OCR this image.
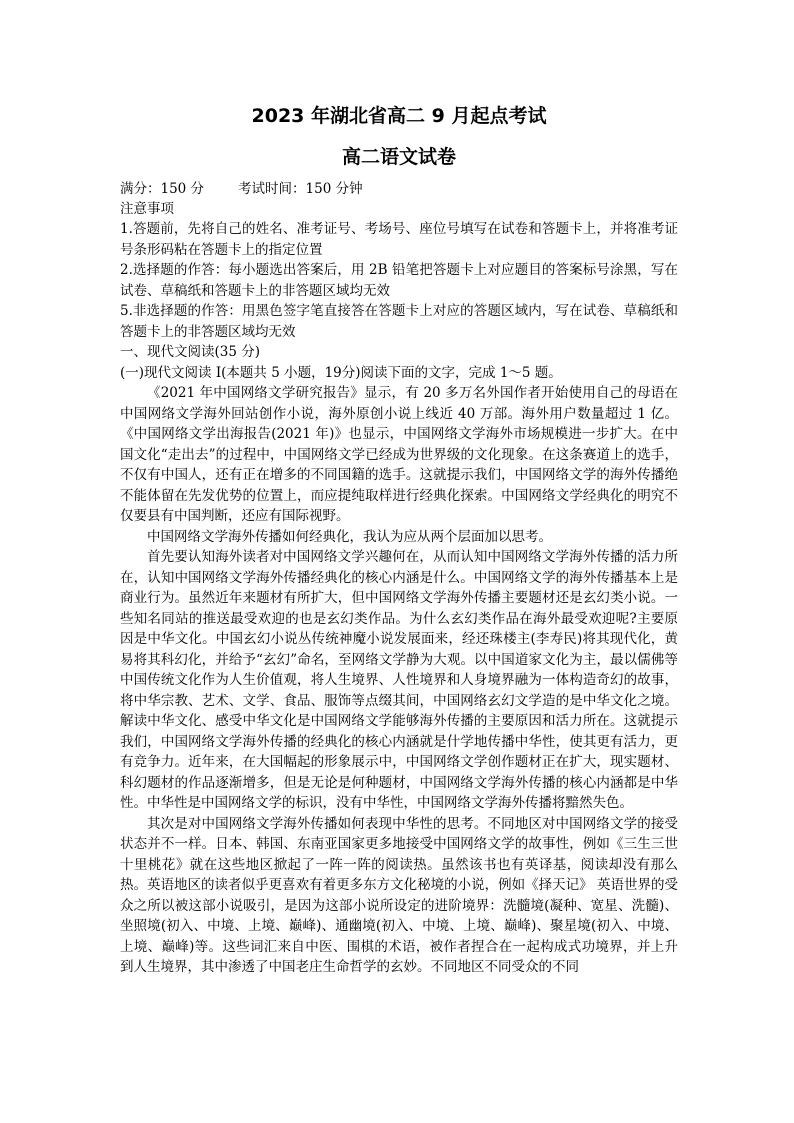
2023 年湖北省高二 9 月起点考试
高二语文试卷
满分：150 分	考试时间：150 分钟
注意事项

1.答题前，先将自己的姓名、准考证号、考场号、座位号填写在试卷和答题卡上，并将准考证号条形码粘在答题卡上的指定位置

2.选择题的作答：每小题选出答案后，用 2B 铅笔把答题卡上对应题目的答案标号涂黑，写在试卷、草稿纸和答题卡上的非答题区域均无效

5.非选择题的作答：用黑色签字笔直接答在答题卡上对应的答题区域内，写在试卷、草稿纸和答题卡上的非答题区域均无效

一、现代文阅读(35 分)

(一)现代文阅读 Ⅰ(本题共 5 小题，19分)阅读下面的文字，完成 1～5 题。

《2021 年中国网络文学研究报告》显示，有 20 多万名外国作者开始使用自己的母语在中国网络文学海外回站创作小说，海外原创小说上线近 40 万部。海外用户数量超过 1 亿。《中国网络文学出海报告(2021 年)》也显示，中国网络文学海外市场规模进一步扩大。在中国文化“走出去”的过程中，中国网络文学已经成为世界级的文化现象。在这条赛道上的选手，不仅有中国人，还有正在增多的不同国籍的选手。这就提示我们，中国网络文学的海外传播绝不能体留在先发优势的位置上，而应提纯取样进行经典化探索。中国网络文学经典化的明究不仅要县有中国判断，还应有国际视野。

中国网络文学海外传播如何经典化，我认为应从两个层面加以思考。

首先要认知海外读者对中国网络文学兴趣何在，从而认知中国网络文学海外传播的活力所在，认知中国网络文学海外传播经典化的核心内涵是什么。中国网络文学的海外传播基本上是商业行为。虽然近年来题材有所扩大，但中国网络文学海外传播主要题材还是玄幻类小说。一些知名同站的推送最受欢迎的也是玄幻类作品。为什么玄幻类作品在海外最受欢迎呢?主要原因是中华文化。中国玄幻小说丛传统神魔小说发展面来，经还珠楼主(李寿民)将其现代化，黄易将其科幻化，并给予“玄幻”命名，至网络文学静为大观。以中国道家文化为主，最以儒佛等中国传统文化作为人生价值观，将人生境界、人性境界和人身境界融为一体构造奇幻的故事，将中华宗教、艺术、文学、食品、服饰等点缀其间，中国网络玄幻文学造的是中华文化之境。解读中华文化、感受中华文化是中国网络文学能够海外传播的主要原因和活力所在。这就提示我们，中国网络文学海外传播的经典化的核心内涵就是什学地传播中华性，使其更有活力，更有竞争力。近年来，在大国幅起的形象展示中，中国网络文学创作题材正在扩大，现实题材、科幻题材的作品逐渐增多，但是无论是何种题材，中国网络文学海外传播的核心内涵都是中华性。中华性是中国网络文学的标识，没有中华性，中国网络文学海外传播将黯然失色。

其次是对中国网络文学海外传播如何表现中华性的思考。不同地区对中国网络文学的接受状态并不一样。日本、韩国、东南亚国家更多地接受中国网络文学的故事性，例如《三生三世十里桃花》就在这些地区掀起了一阵一阵的阅读热。虽然该书也有英译基，阅读却没有那么热。英语地区的读者似乎更喜欢有着更多东方文化秘境的小说，例如《择天记》 英语世界的受众之所以被这部小说吸引，是因为这部小说所设定的进阶境界：洗髓境(凝种、宽星、洗髓)、坐照境(初入、中境、上境、巅峰)、通幽境(初入、中境、上境、巅峰)、聚星境(初入、中境、上境、巅峰)等。这些词汇来自中医、围棋的术语，被作者捏合在一起构成式功境界，并上升到人生境界，其中渗透了中国老庄生命哲学的玄妙。不同地区不同受众的不同
